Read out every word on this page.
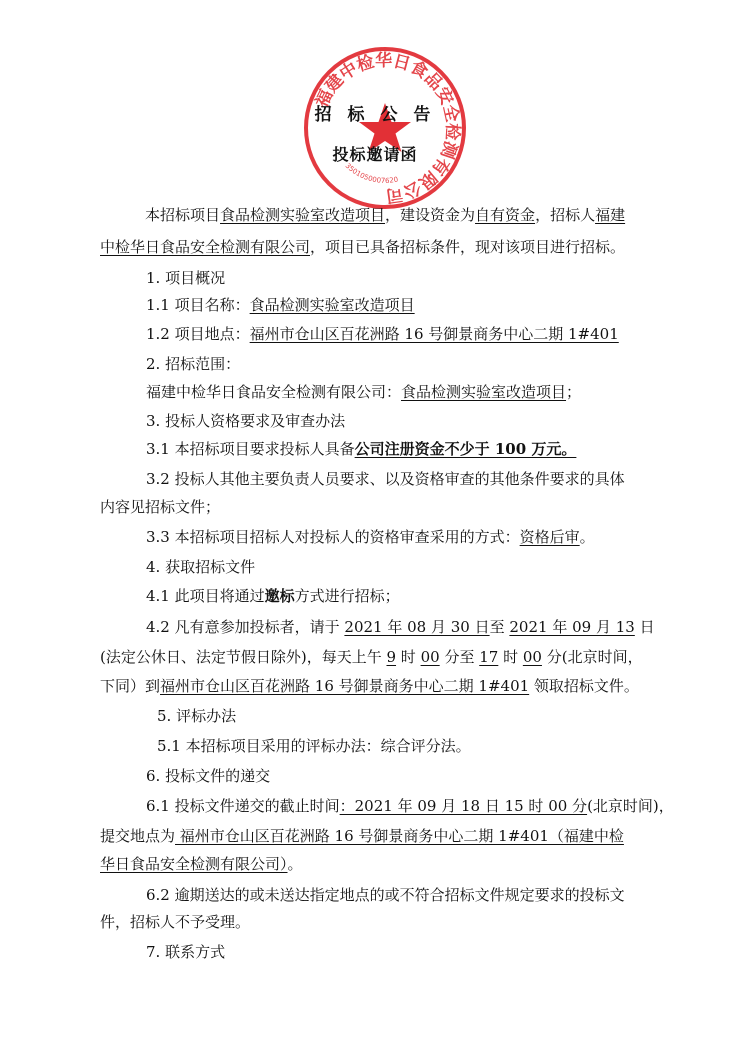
福建中检华日食品安全检测有限公司
3501050007620
招 标 公 告
投标邀请函
本招标项目食品检测实验室改造项目，建设资金为自有资金，招标人福建
中检华日食品安全检测有限公司，项目已具备招标条件，现对该项目进行招标。
1. 项目概况
1.1 项目名称：食品检测实验室改造项目
1.2 项目地点：福州市仓山区百花洲路 16 号御景商务中心二期 1#401
2. 招标范围：
福建中检华日食品安全检测有限公司：食品检测实验室改造项目；
3. 投标人资格要求及审查办法
3.1 本招标项目要求投标人具备公司注册资金不少于 100 万元。
3.2 投标人其他主要负责人员要求、以及资格审查的其他条件要求的具体
内容见招标文件；
3.3 本招标项目招标人对投标人的资格审查采用的方式：资格后审。
4. 获取招标文件
4.1 此项目将通过邀标方式进行招标；
4.2 凡有意参加投标者，请于 2021 年 08 月 30 日至 2021 年 09 月 13 日
(法定公休日、法定节假日除外)，每天上午 9 时 00 分至 17 时 00 分(北京时间，
下同）到福州市仓山区百花洲路 16 号御景商务中心二期 1#401 领取招标文件。
5. 评标办法
5.1 本招标项目采用的评标办法：综合评分法。
6. 投标文件的递交
6.1 投标文件递交的截止时间：2021 年 09 月 18 日 15 时 00 分(北京时间)，
提交地点为 福州市仓山区百花洲路 16 号御景商务中心二期 1#401（福建中检
华日食品安全检测有限公司）。
6.2 逾期送达的或未送达指定地点的或不符合招标文件规定要求的投标文
件，招标人不予受理。
7. 联系方式
